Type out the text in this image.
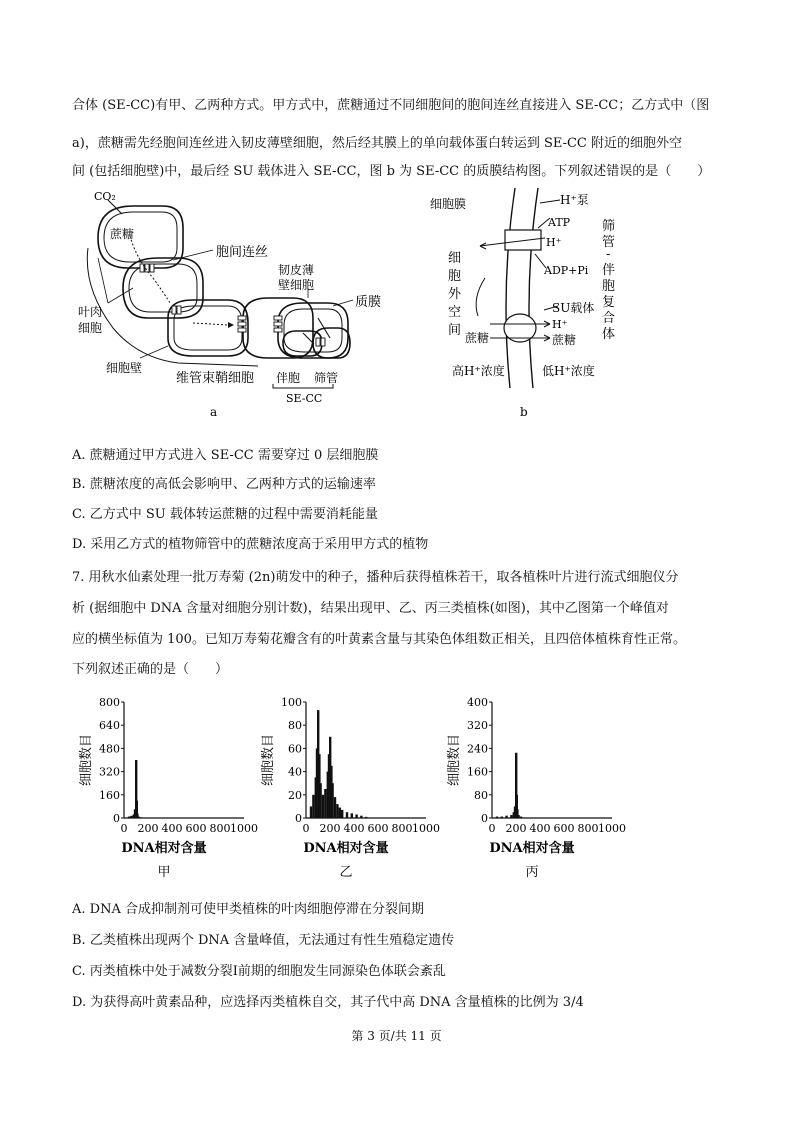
合体 (SE-CC)有甲、乙两种方式。甲方式中，蔗糖通过不同细胞间的胞间连丝直接进入 SE-CC；乙方式中（图
a)，蔗糖需先经胞间连丝进入韧皮薄壁细胞，然后经其膜上的单向载体蛋白转运到 SE-CC 附近的细胞外空
间 (包括细胞壁)中，最后经 SU 载体进入 SE-CC，图 b 为 SE-CC 的质膜结构图。下列叙述错误的是（　　）
CO₂
蔗糖
胞间连丝
韧皮薄
壁细胞
质膜
叶肉
细胞
细胞壁
维管束鞘细胞 伴胞 筛管
SE-CC
a
细胞膜	H⁺泵
ATP
H⁺
ADP+Pi
细
胞
外
空
间
SU载体
H⁺
蔗糖	蔗糖
高H⁺浓度	低H⁺浓度
筛
管
-
伴
胞
复
合
体
b
A. 蔗糖通过甲方式进入 SE-CC 需要穿过 0 层细胞膜
B. 蔗糖浓度的高低会影响甲、乙两种方式的运输速率
C. 乙方式中 SU 载体转运蔗糖的过程中需要消耗能量
D. 采用乙方式的植物筛管中的蔗糖浓度高于采用甲方式的植物
7. 用秋水仙素处理一批万寿菊 (2n)萌发中的种子，播种后获得植株若干，取各植株叶片进行流式细胞仪分
析 (据细胞中 DNA 含量对细胞分别计数)，结果出现甲、乙、丙三类植株(如图)，其中乙图第一个峰值对
应的横坐标值为 100。已知万寿菊花瓣含有的叶黄素含量与其染色体组数正相关，且四倍体植株育性正常。
下列叙述正确的是（　　）
800
640
480
320
160
0
0 200 400 600 800 1000
细胞数目
DNA相对含量
甲
100
80
60
40
20
0
0 200 400 600 800 1000
细胞数目
DNA相对含量
乙
400
320
240
160
80
0
0 200 400 600 800 1000
细胞数目
DNA相对含量
丙
A. DNA 合成抑制剂可使甲类植株的叶肉细胞停滞在分裂间期
B. 乙类植株出现两个 DNA 含量峰值，无法通过有性生殖稳定遗传
C. 丙类植株中处于减数分裂Ⅰ前期的细胞发生同源染色体联会紊乱
D. 为获得高叶黄素品种，应选择丙类植株自交，其子代中高 DNA 含量植株的比例为 3/4
第 3 页/共 11 页
